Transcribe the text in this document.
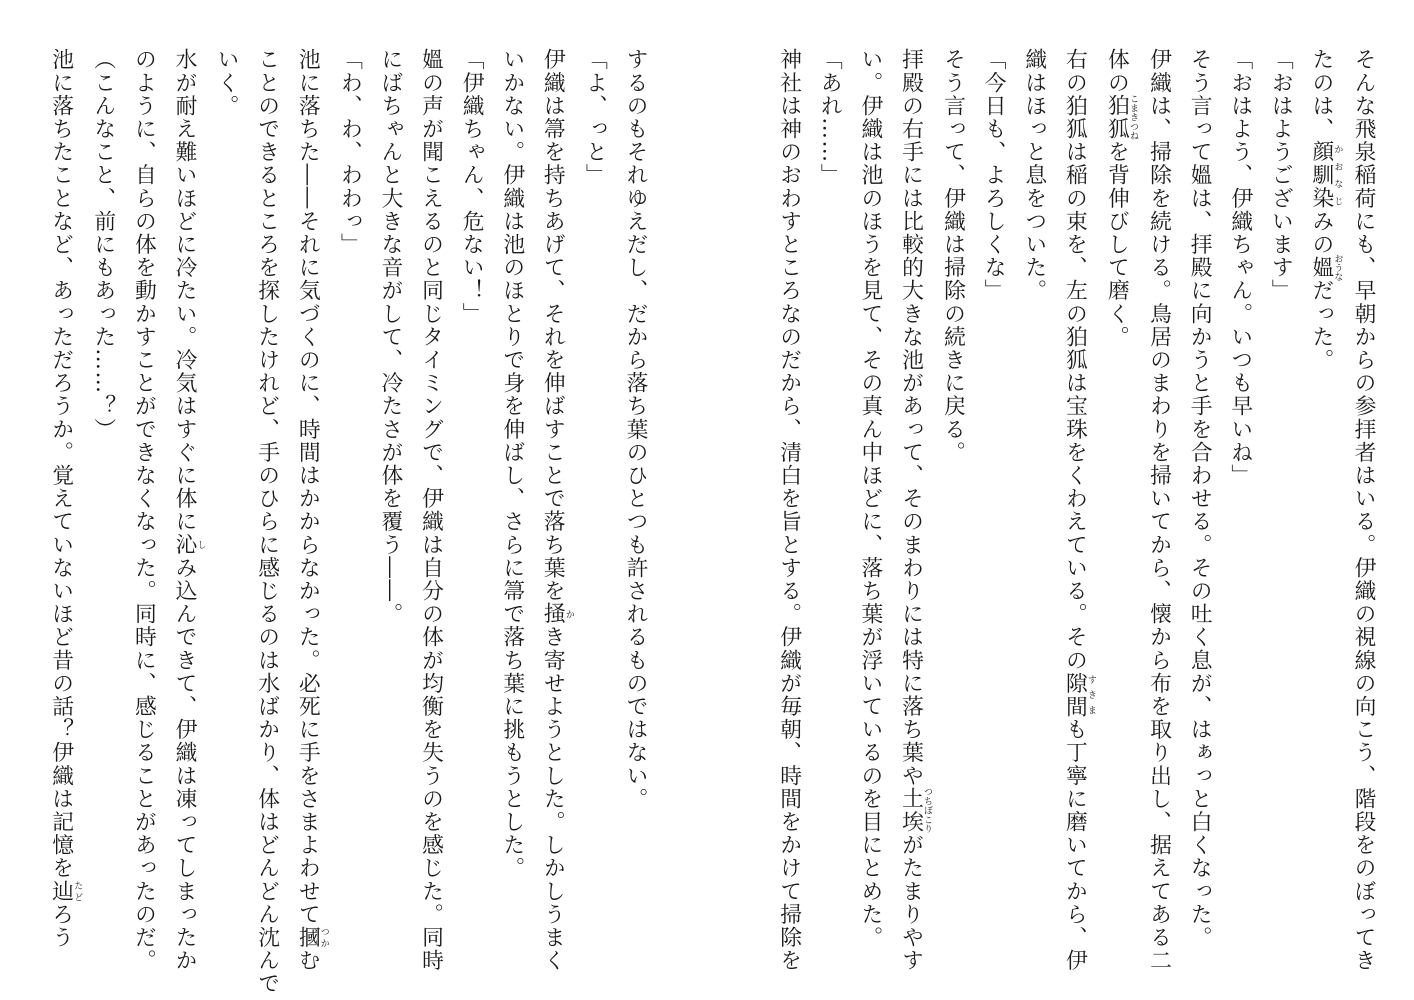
そんな飛泉稲荷にも、早朝からの参拝者はいる。伊織の視線の向こう、階段をのぼってき
たのは、顔馴染かおなじみの媼おうなだった。
「おはようございます」
「おはよう、伊織ちゃん。いつも早いね」
そう言って媼は、拝殿に向かうと手を合わせる。その吐く息が、はぁっと白くなった。
伊織は、掃除を続ける。鳥居のまわりを掃いてから、懐から布を取り出し、据えてある二
体の狛狐こまきつねを背伸びして磨く。
右の狛狐は稲の束を、左の狛狐は宝珠をくわえている。その隙間すきまも丁寧に磨いてから、伊
織はほっと息をついた。
「今日も、よろしくな」
そう言って、伊織は掃除の続きに戻る。
拝殿の右手には比較的大きな池があって、そのまわりには特に落ち葉や土埃つちぼこりがたまりやす
い。伊織は池のほうを見て、その真ん中ほどに、落ち葉が浮いているのを目にとめた。
「あれ……」
神社は神のおわすところなのだから、清白を旨とする。伊織が毎朝、時間をかけて掃除を
するのもそれゆえだし、だから落ち葉のひとつも許されるものではない。
「よ、っと」
伊織は箒を持ちあげて、それを伸ばすことで落ち葉を掻かき寄せようとした。しかしうまく
いかない。伊織は池のほとりで身を伸ばし、さらに箒で落ち葉に挑もうとした。
「伊織ちゃん、危ない！」
媼の声が聞こえるのと同じタイミングで、伊織は自分の体が均衡を失うのを感じた。同時
にばちゃんと大きな音がして、冷たさが体を覆う――。
「わ、わ、わわっ」
池に落ちた――それに気づくのに、時間はかからなかった。必死に手をさまよわせて摑つかむ
ことのできるところを探したけれど、手のひらに感じるのは水ばかり、体はどんどん沈んで
いく。
水が耐え難いほどに冷たい。冷気はすぐに体に沁しみ込んできて、伊織は凍ってしまったか
のように、自らの体を動かすことができなくなった。同時に、感じることがあったのだ。
（こんなこと、前にもあった……？）
池に落ちたことなど、あっただろうか。覚えていないほど昔の話？伊織は記憶を辿たどろう
